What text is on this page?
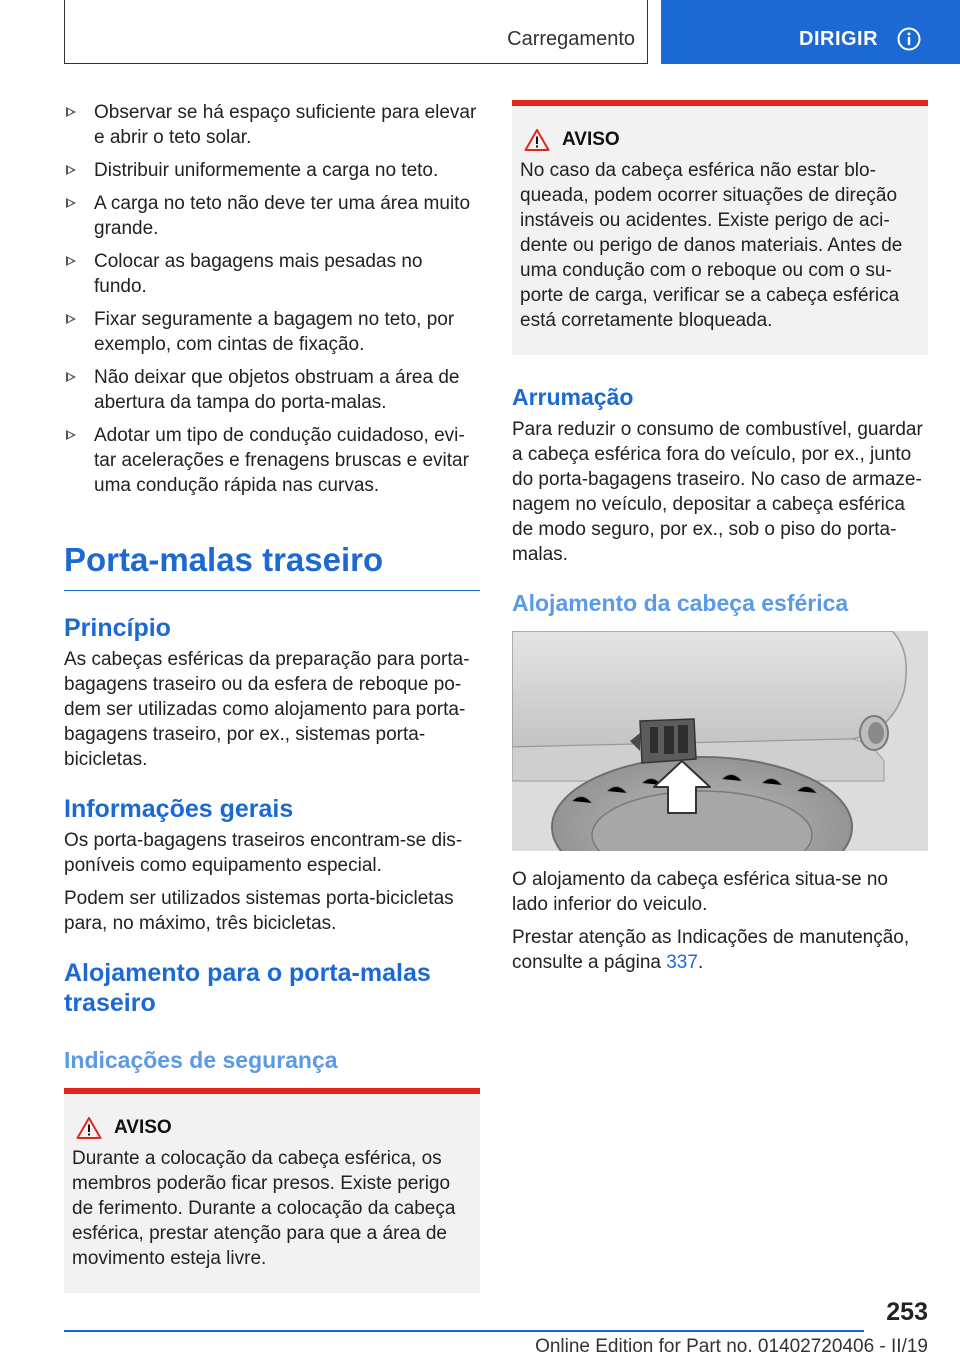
Carregamento	DIRIGIR
Observar se há espaço suficiente para elevar e abrir o teto solar.
Distribuir uniformemente a carga no teto.
A carga no teto não deve ter uma área muito grande.
Colocar as bagagens mais pesadas no fundo.
Fixar seguramente a bagagem no teto, por exemplo, com cintas de fixação.
Não deixar que objetos obstruam a área de abertura da tampa do porta-malas.
Adotar um tipo de condução cuidadoso, evitar acelerações e frenagens bruscas e evitar uma condução rápida nas curvas.
Porta-malas traseiro
Princípio

As cabeças esféricas da preparação para porta-bagagens traseiro ou da esfera de reboque podem ser utilizadas como alojamento para porta-bagagens traseiro, por ex., sistemas porta-bicicletas.

Informações gerais

Os porta-bagagens traseiros encontram-se disponíveis como equipamento especial.

Podem ser utilizados sistemas porta-bicicletas para, no máximo, três bicicletas.

Alojamento para o porta-malas traseiro
Indicações de segurança
AVISO

Durante a colocação da cabeça esférica, os membros poderão ficar presos. Existe perigo de ferimento. Durante a colocação da cabeça esférica, prestar atenção para que a área de movimento esteja livre.

AVISO

No caso da cabeça esférica não estar bloqueada, podem ocorrer situações de direção instáveis ou acidentes. Existe perigo de acidente ou perigo de danos materiais. Antes de uma condução com o reboque ou com o suporte de carga, verificar se a cabeça esférica está corretamente bloqueada.

Arrumação

Para reduzir o consumo de combustível, guardar a cabeça esférica fora do veículo, por ex., junto do porta-bagagens traseiro. No caso de armazenagem no veículo, depositar a cabeça esférica de modo seguro, por ex., sob o piso do porta-malas.

Alojamento da cabeça esférica

O alojamento da cabeça esférica situa-se no lado inferior do veiculo.

Prestar atenção as Indicações de manutenção, consulte a página 337.

253
Online Edition for Part no. 01402720406 - II/19
